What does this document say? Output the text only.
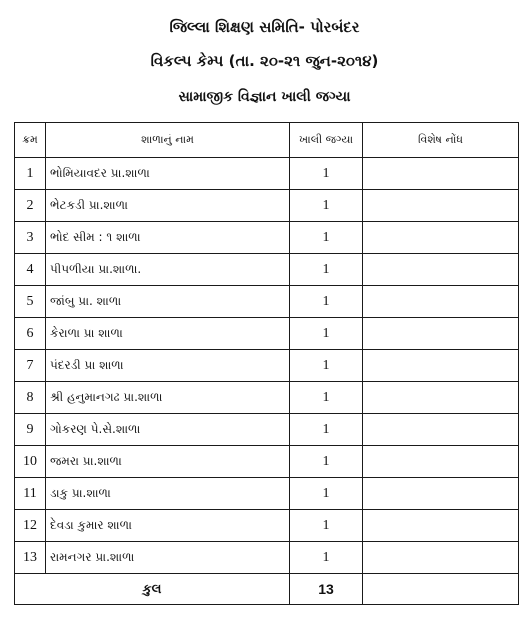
જિલ્લા શિક્ષણ સમિતિ- પોરબંદર
વિકલ્પ કેમ્પ (તા. ૨૦-૨૧ જુન-૨૦૧૪)
સામાજીક વિજ્ઞાન ખાલી જગ્યા
ક્રમ	શાળાનું નામ	ખાલી જગ્યા	વિશેષ નોંધ
1	ભોમિયાવદર પ્રા.શાળા	1	
2	ભેટકડી પ્રા.શાળા	1	
3	ભોદ સીમ : ૧ શાળા	1	
4	પીપળીયા પ્રા.શાળા.	1	
5	જાંબુ પ્રા. શાળા	1	
6	કેરાળા પ્રા શાળા	1	
7	પંદરડી પ્રા શાળા	1	
8	શ્રી હનુમાનગઢ પ્રા.શાળા	1	
9	ગોકરણ પે.સે.શાળા	1	
10	જમરા પ્રા.શાળા	1	
11	ડાકુ પ્રા.શાળા	1	
12	દેવડા કુમાર શાળા	1	
13	રામનગર પ્રા.શાળા	1	
કુલ		13	
